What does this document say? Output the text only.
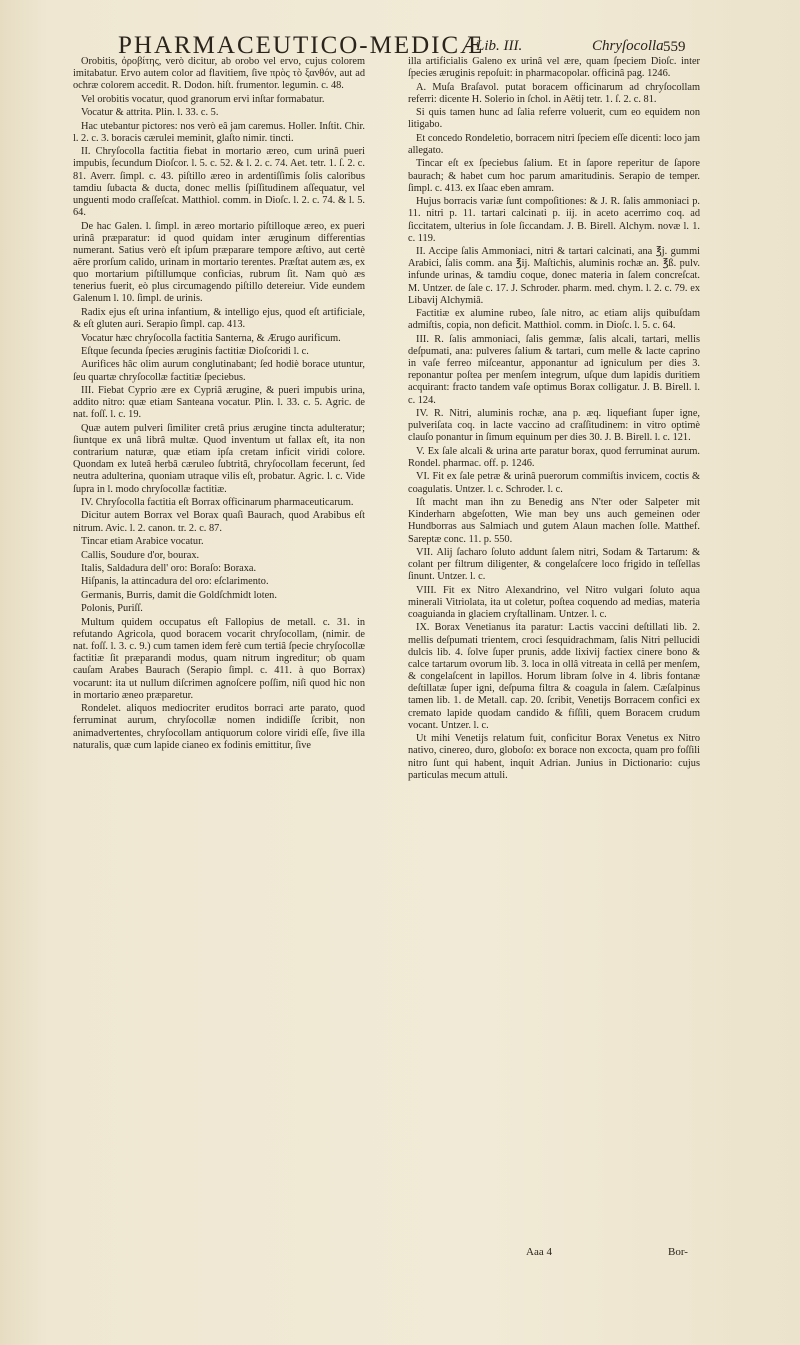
PHARMACEUTICO-MEDICÆ
Lib. III.	Chryſocolla 559

Orobitis, ὀροβίτης, verò dicitur, ab orobo vel ervo, cujus colorem imitabatur. Ervo autem color ad flavitiem, ſive πρὸς τὸ ξανθόν, aut ad ochræ colorem accedit. R. Dodon. hiſt. frumentor. legumin. c. 48.

Vel orobitis vocatur, quod granorum ervi inſtar formabatur.

Vocatur & attrita. Plin. l. 33. c. 5.

Hac utebantur pictores: nos verò eâ jam caremus. Holler. Inſtit. Chir. l. 2. c. 3. boracis cærulei meminit, glaſto nimir. tincti.

II. Chryſocolla factitia fiebat in mortario æreo, cum urinâ pueri impubis, ſecundum Dioſcor. l. 5. c. 52. & l. 2. c. 74. Aet. tetr. 1. ſ. 2. c. 81. Averr. ſimpl. c. 43. piſtillo æreo in ardentiſſimis ſolis caloribus tamdiu ſubacta & ducta, donec mellis ſpiſſitudinem aſſequatur, vel unguenti modo craſſeſcat. Matthiol. comm. in Dioſc. l. 2. c. 74. & l. 5. 64.

De hac Galen. l. ſimpl. in æreo mortario piſtilloque æreo, ex pueri urinâ præparatur: id quod quidam inter æruginum differentias numerant. Satius verò eſt ipſum præparare tempore æſtivo, aut certè aëre prorſum calido, urinam in mortario terentes. Præſtat autem æs, ex quo mortarium piſtillumque conficias, rubrum ſit. Nam quò æs tenerius fuerit, eò plus circumagendo piſtillo detereiur. Vide eundem Galenum l. 10. ſimpl. de urinis.

Radix ejus eſt urina infantium, & intelligo ejus, quod eſt artificiale, & eſt gluten auri. Serapio ſimpl. cap. 413.

Vocatur hæc chryſocolla factitia Santerna, & Ærugo aurificum.

Eſtque ſecunda ſpecies æruginis factitiæ Dioſcoridi l. c.

Aurifices hâc olim aurum conglutinabant; ſed hodiè borace utuntur, ſeu quartæ chryſocollæ factitiæ ſpeciebus.

III. Fiebat Cyprio ære ex Cypriâ ærugine, & pueri impubis urina, addito nitro: quæ etiam Santeana vocatur. Plin. l. 33. c. 5. Agric. de nat. foſſ. l. c. 19.

Quæ autem pulveri ſimiliter cretâ prius ærugine tincta adulteratur; ſiuntque ex unâ librâ multæ. Quod inventum ut fallax eſt, ita non contrarium naturæ, quæ etiam ipſa cretam inficit viridi colore. Quondam ex luteâ herbâ cæruleo ſubtritâ, chryſocollam fecerunt, ſed neutra adulterina, quoniam utraque vilis eſt, probatur. Agric. l. c. Vide ſupra in l. modo chryſocollæ factitiæ.

IV. Chryſocolla factitia eſt Borrax officinarum pharmaceuticarum.

Dicitur autem Borrax vel Borax quaſi Baurach, quod Arabibus eſt nitrum. Avic. l. 2. canon. tr. 2. c. 87.

Tincar etiam Arabice vocatur.

Callis, Soudure d'or, bourax.

Italis, Saldadura dell' oro: Boraſo: Boraxa.

Hiſpanis, la attincadura del oro: eſclarimento.

Germanis, Burris, damit die Goldſchmidt loten.

Polonis, Puriſſ.

Multum quidem occupatus eſt Fallopius de metall. c. 31. in refutando Agricola, quod boracem vocarit chryſocollam, (nimir. de nat. foſſ. l. 3. c. 9.) cum tamen idem ferè cum tertiâ ſpecie chryſocollæ factitiæ ſit præparandi modus, quam nitrum ingreditur; ob quam cauſam Arabes Baurach (Serapio ſimpl. c. 411. à quo Borrax) vocarunt: ita ut nullum diſcrimen agnoſcere poſſim, niſi quod hic non in mortario æneo præparetur.

Rondelet. aliquos mediocriter eruditos borraci arte parato, quod ferruminat aurum, chryſocollæ nomen indidiſſe ſcribit, non animadvertentes, chryſocollam antiquorum colore viridi eſſe, ſive illa naturalis, quæ cum lapide cianeo ex fodinis emittitur, ſive

illa artificialis Galeno ex urinâ vel ære, quam ſpeciem Dioſc. inter ſpecies æruginis repoſuit: in pharmacopolar. officinâ pag. 1246.

A. Muſa Braſavol. putat boracem officinarum ad chryſocollam referri: dicente H. Solerio in ſchol. in Aëtij tetr. 1. ſ. 2. c. 81.

Si quis tamen hunc ad ſalia referre voluerit, cum eo equidem non litigabo.

Et concedo Rondeletio, borracem nitri ſpeciem eſſe dicenti: loco jam allegato.

Tincar eſt ex ſpeciebus ſalium. Et in ſapore reperitur de ſapore baurach; & habet cum hoc parum amaritudinis. Serapio de temper. ſimpl. c. 413. ex Iſaac eben amram.

Hujus borracis variæ ſunt compoſitiones: & J. R. ſalis ammoniaci p. 11. nitri p. 11. tartari calcinati p. iij. in aceto acerrimo coq. ad ſiccitatem, ulterius in ſole ſiccandam. J. B. Birell. Alchym. novæ l. 1. c. 119.

II. Accipe ſalis Ammoniaci, nitri & tartari calcinati, ana ℥j. gummi Arabici, ſalis comm. ana ℥ij. Maſtichis, aluminis rochæ an. ℥ß. pulv. infunde urinas, & tamdiu coque, donec materia in ſalem concreſcat. M. Untzer. de ſale c. 17. J. Schroder. pharm. med. chym. l. 2. c. 79. ex Libavij Alchymiâ.

Factitiæ ex alumine rubeo, ſale nitro, ac etiam alijs quibuſdam admiſtis, copia, non deficit. Matthiol. comm. in Dioſc. l. 5. c. 64.

III. R. ſalis ammoniaci, ſalis gemmæ, ſalis alcali, tartari, mellis deſpumati, ana: pulveres ſalium & tartari, cum melle & lacte caprino in vaſe ferreo miſceantur, apponantur ad igniculum per dies 3. reponantur poſtea per menſem integrum, uſque dum lapidis duritiem acquirant: fracto tandem vaſe optimus Borax colligatur. J. B. Birell. l. c. 124.

IV. R. Nitri, aluminis rochæ, ana p. æq. liquefiant ſuper igne, pulveriſata coq. in lacte vaccino ad craſſitudinem: in vitro optimè clauſo ponantur in ſimum equinum per dies 30. J. B. Birell. l. c. 121.

V. Ex ſale alcali & urina arte paratur borax, quod ferruminat aurum. Rondel. pharmac. off. p. 1246.

VI. Fit ex ſale petræ & urinâ puerorum commiſtis invicem, coctis & coagulatis. Untzer. l. c. Schroder. l. c.

Iſt macht man ihn zu Benedig ans N'ter oder Salpeter mit Kinderharn abgeſotten, Wie man bey uns auch gemeinen oder Hundborras aus Salmiach und gutem Alaun machen ſolle. Matthef. Sareptæ conc. 11. p. 550.

VII. Alij ſacharo ſoluto addunt ſalem nitri, Sodam & Tartarum: & colant per filtrum diligenter, & congelaſcere loco frigido in teſſellas ſinunt. Untzer. l. c.

VIII. Fit ex Nitro Alexandrino, vel Nitro vulgari ſoluto aqua minerali Vitriolata, ita ut coletur, poſtea coquendo ad medias, materia coaguianda in glaciem cryſtallinam. Untzer. l. c.

IX. Borax Venetianus ita paratur: Lactis vaccini deſtillati lib. 2. mellis deſpumati trientem, croci ſesquidrachmam, ſalis Nitri pellucidi dulcis lib. 4. ſolve ſuper prunis, adde lixivij factiex cinere bono & calce tartarum ovorum lib. 3. loca in ollâ vitreata in cellâ per menſem, & congelaſcent in lapillos. Horum libram ſolve in 4. libris fontanæ deſtillatæ ſuper igni, deſpuma filtra & coagula in ſalem. Cæſalpinus tamen lib. 1. de Metall. cap. 20. ſcribit, Venetijs Borracem confici ex cremato lapide quodam candido & fiſſili, quem Boracem crudum vocant. Untzer. l. c.

Ut mihi Venetijs relatum fuit, conficitur Borax Venetus ex Nitro nativo, cinereo, duro, globoſo: ex borace non excocta, quam pro foſſili nitro ſunt qui habent, inquit Adrian. Junius in Dictionario: cujus particulas mecum attuli.

Aaa 4	Bor-
